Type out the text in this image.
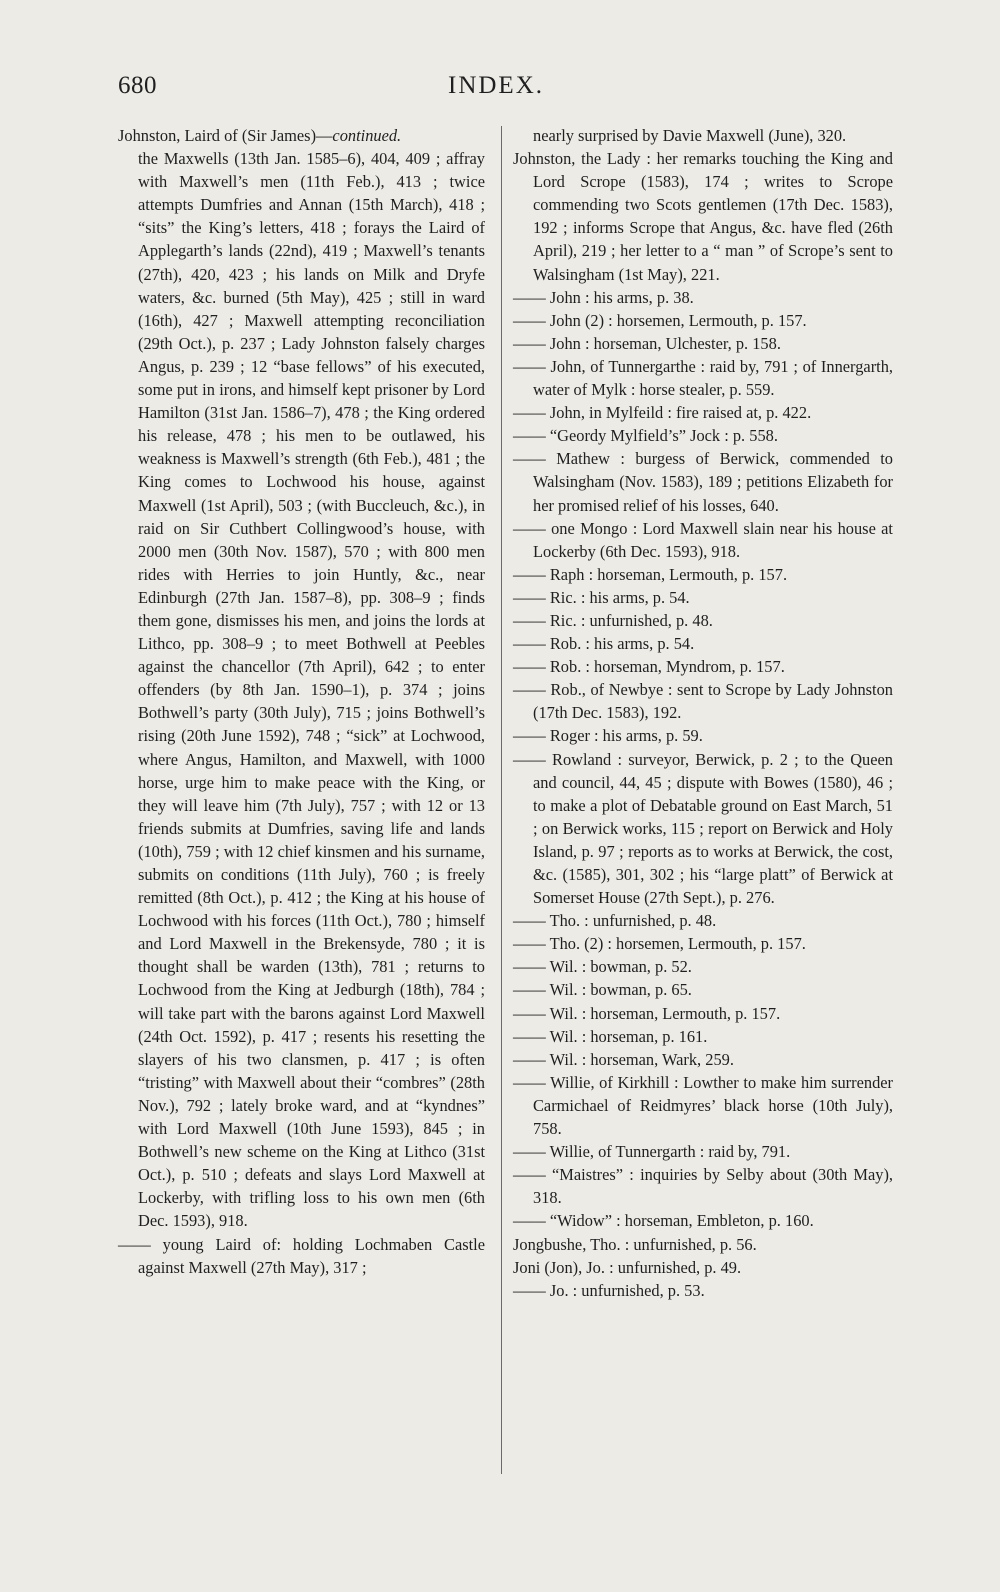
680	INDEX.

Johnston, Laird of (Sir James)—continued.

the Maxwells (13th Jan. 1585–6), 404, 409 ; affray with Maxwell’s men (11th Feb.), 413 ; twice attempts Dumfries and Annan (15th March), 418 ; “sits” the King’s letters, 418 ; forays the Laird of Applegarth’s lands (22nd), 419 ; Maxwell’s tenants (27th), 420, 423 ; his lands on Milk and Dryfe waters, &c. burned (5th May), 425 ; still in ward (16th), 427 ; Maxwell attempting reconciliation (29th Oct.), p. 237 ; Lady Johnston falsely charges Angus, p. 239 ; 12 “base fellows” of his executed, some put in irons, and himself kept prisoner by Lord Hamilton (31st Jan. 1586–7), 478 ; the King ordered his release, 478 ; his men to be outlawed, his weakness is Maxwell’s strength (6th Feb.), 481 ; the King comes to Lochwood his house, against Maxwell (1st April), 503 ; (with Buccleuch, &c.), in raid on Sir Cuthbert Collingwood’s house, with 2000 men (30th Nov. 1587), 570 ; with 800 men rides with Herries to join Huntly, &c., near Edinburgh (27th Jan. 1587–8), pp. 308–9 ; finds them gone, dismisses his men, and joins the lords at Lithco, pp. 308–9 ; to meet Bothwell at Peebles against the chancellor (7th April), 642 ; to enter offenders (by 8th Jan. 1590–1), p. 374 ; joins Bothwell’s party (30th July), 715 ; joins Bothwell’s rising (20th June 1592), 748 ; “sick” at Lochwood, where Angus, Hamilton, and Maxwell, with 1000 horse, urge him to make peace with the King, or they will leave him (7th July), 757 ; with 12 or 13 friends submits at Dumfries, saving life and lands (10th), 759 ; with 12 chief kinsmen and his surname, submits on conditions (11th July), 760 ; is freely remitted (8th Oct.), p. 412 ; the King at his house of Lochwood with his forces (11th Oct.), 780 ; himself and Lord Maxwell in the Brekensyde, 780 ; it is thought shall be warden (13th), 781 ; returns to Lochwood from the King at Jedburgh (18th), 784 ; will take part with the barons against Lord Maxwell (24th Oct. 1592), p. 417 ; resents his resetting the slayers of his two clansmen, p. 417 ; is often “tristing” with Maxwell about their “combres” (28th Nov.), 792 ; lately broke ward, and at “kyndnes” with Lord Maxwell (10th June 1593), 845 ; in Bothwell’s new scheme on the King at Lithco (31st Oct.), p. 510 ; defeats and slays Lord Maxwell at Lockerby, with trifling loss to his own men (6th Dec. 1593), 918.

—— young Laird of: holding Lochmaben Castle against Maxwell (27th May), 317 ;

nearly surprised by Davie Maxwell (June), 320.

Johnston, the Lady : her remarks touching the King and Lord Scrope (1583), 174 ; writes to Scrope commending two Scots gentlemen (17th Dec. 1583), 192 ; informs Scrope that Angus, &c. have fled (26th April), 219 ; her letter to a “ man ” of Scrope’s sent to Walsingham (1st May), 221.

—— John : his arms, p. 38.

—— John (2) : horsemen, Lermouth, p. 157.

—— John : horseman, Ulchester, p. 158.

—— John, of Tunnergarthe : raid by, 791 ; of Innergarth, water of Mylk : horse stealer, p. 559.

—— John, in Mylfeild : fire raised at, p. 422.

—— “Geordy Mylfield’s” Jock : p. 558.

—— Mathew : burgess of Berwick, commended to Walsingham (Nov. 1583), 189 ; petitions Elizabeth for her promised relief of his losses, 640.

—— one Mongo : Lord Maxwell slain near his house at Lockerby (6th Dec. 1593), 918.

—— Raph : horseman, Lermouth, p. 157.

—— Ric. : his arms, p. 54.

—— Ric. : unfurnished, p. 48.

—— Rob. : his arms, p. 54.

—— Rob. : horseman, Myndrom, p. 157.

—— Rob., of Newbye : sent to Scrope by Lady Johnston (17th Dec. 1583), 192.

—— Roger : his arms, p. 59.

—— Rowland : surveyor, Berwick, p. 2 ; to the Queen and council, 44, 45 ; dispute with Bowes (1580), 46 ; to make a plot of Debatable ground on East March, 51 ; on Berwick works, 115 ; report on Berwick and Holy Island, p. 97 ; reports as to works at Berwick, the cost, &c. (1585), 301, 302 ; his “large platt” of Berwick at Somerset House (27th Sept.), p. 276.

—— Tho. : unfurnished, p. 48.

—— Tho. (2) : horsemen, Lermouth, p. 157.

—— Wil. : bowman, p. 52.

—— Wil. : bowman, p. 65.

—— Wil. : horseman, Lermouth, p. 157.

—— Wil. : horseman, p. 161.

—— Wil. : horseman, Wark, 259.

—— Willie, of Kirkhill : Lowther to make him surrender Carmichael of Reidmyres’ black horse (10th July), 758.

—— Willie, of Tunnergarth : raid by, 791.

—— “Maistres” : inquiries by Selby about (30th May), 318.

—— “Widow” : horseman, Embleton, p. 160.

Jongbushe, Tho. : unfurnished, p. 56.

Joni (Jon), Jo. : unfurnished, p. 49.

—— Jo. : unfurnished, p. 53.
